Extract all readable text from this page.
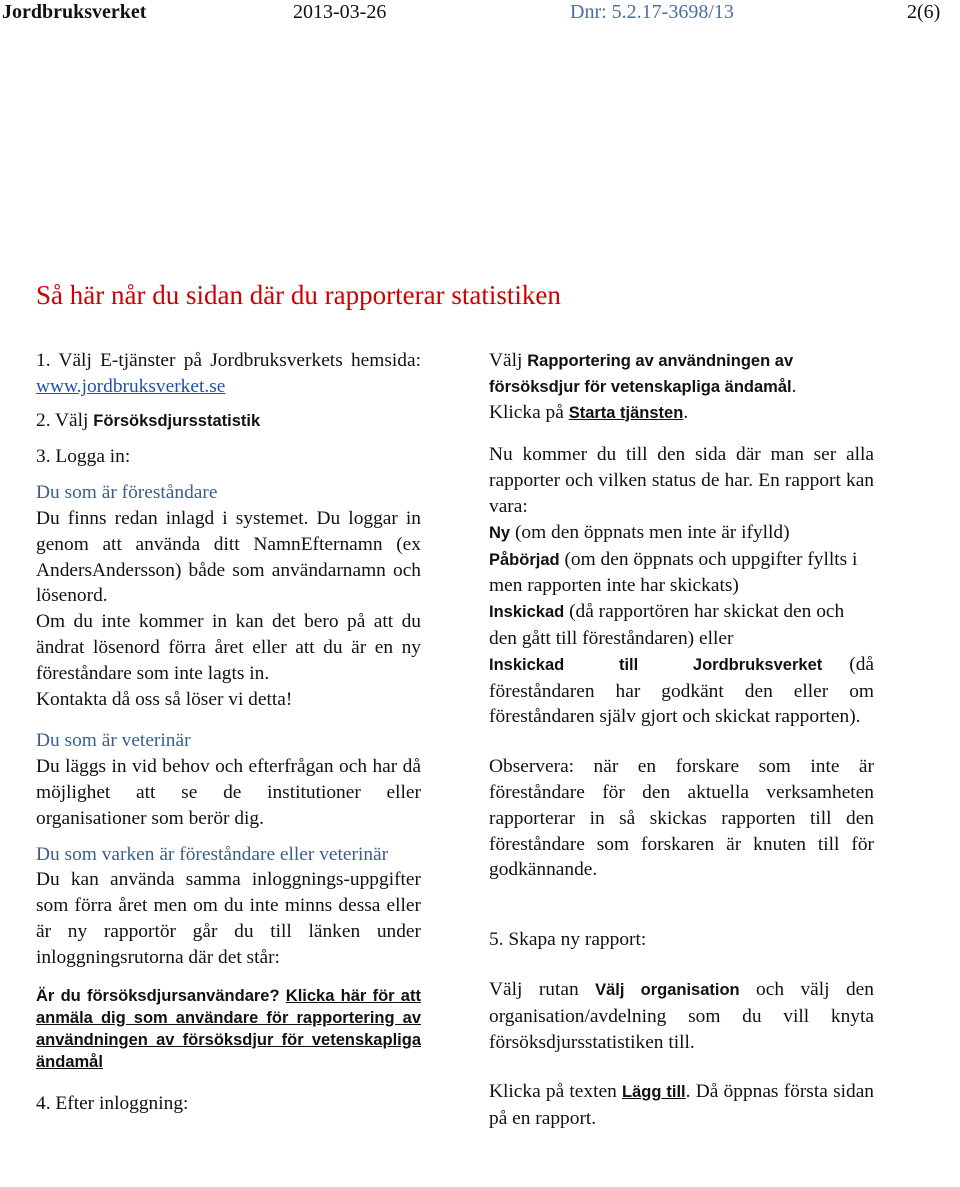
Jordbruksverket	2013-03-26	Dnr: 5.2.17-3698/13	2(6)
Så här når du sidan där du rapporterar statistiken

1. Välj E-tjänster på Jordbruksverkets hemsida: www.jordbruksverket.se

2. Välj Försöksdjursstatistik

3. Logga in:

Du som är föreståndare

Du finns redan inlagd i systemet. Du loggar in genom att använda ditt NamnEfternamn (ex AndersAndersson) både som användarnamn och lösenord.

Om du inte kommer in kan det bero på att du ändrat lösenord förra året eller att du är en ny föreståndare som inte lagts in.

Kontakta då oss så löser vi detta!

Du som är veterinär

Du läggs in vid behov och efterfrågan och har då möjlighet att se de institutioner eller organisationer som berör dig.

Du som varken är föreståndare eller veterinär

Du kan använda samma inloggnings-uppgifter som förra året men om du inte minns dessa eller är ny rapportör går du till länken under inloggningsrutorna där det står:

Är du försöksdjursanvändare? Klicka här för att anmäla dig som användare för rapportering av användningen av försöksdjur för vetenskapliga ändamål

4. Efter inloggning:

Välj Rapportering av användningen av försöksdjur för vetenskapliga ändamål.

Klicka på Starta tjänsten.

Nu kommer du till den sida där man ser alla rapporter och vilken status de har. En rapport kan vara:

Ny (om den öppnats men inte är ifylld)

Påbörjad (om den öppnats och uppgifter fyllts i men rapporten inte har skickats)

Inskickad (då rapportören har skickat den och den gått till föreståndaren) eller

Inskickad till Jordbruksverket (då föreståndaren har godkänt den eller om föreståndaren själv gjort och skickat rapporten).

Observera: när en forskare som inte är föreståndare för den aktuella verksamheten rapporterar in så skickas rapporten till den föreståndare som forskaren är knuten till för godkännande.

5. Skapa ny rapport:

Välj rutan Välj organisation och välj den organisation/avdelning som du vill knyta försöksdjursstatistiken till.

Klicka på texten Lägg till. Då öppnas första sidan på en rapport.
